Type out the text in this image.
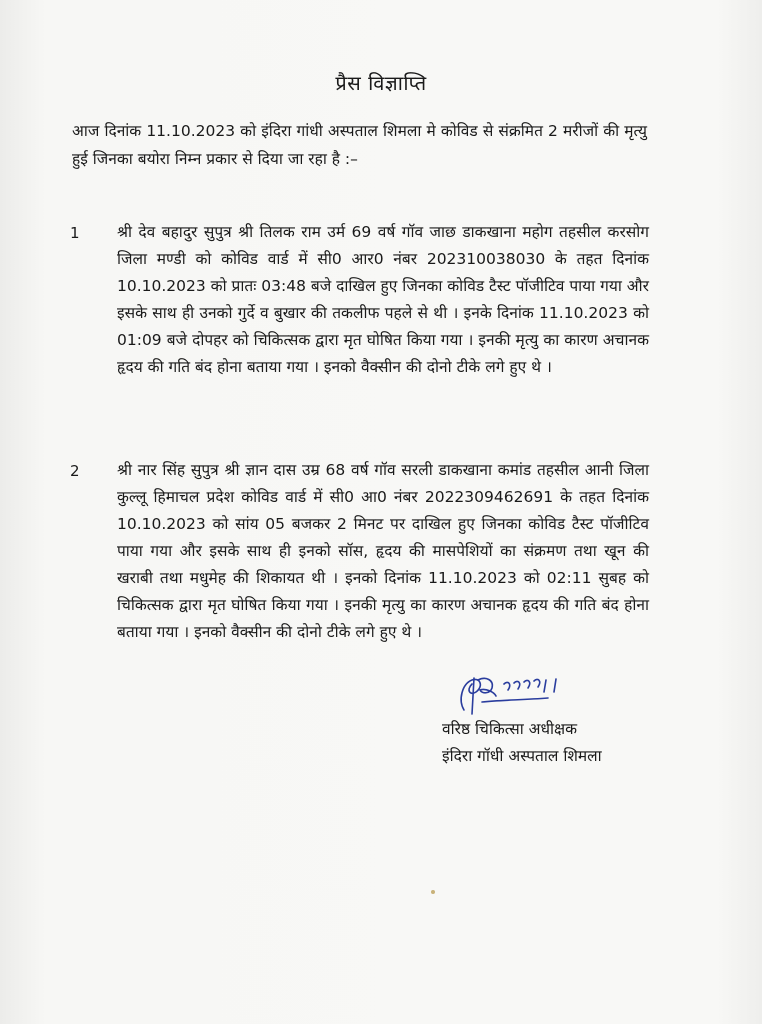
प्रैस विज्ञाप्ति
आज दिनांक 11.10.2023 को इंदिरा गांधी अस्पताल शिमला मे कोविड से संक्रमित 2 मरीजों की मृत्यु हुई जिनका बयोरा निम्न प्रकार से दिया जा रहा है :–
1 श्री देव बहादुर सुपुत्र श्री तिलक राम उर्म 69 वर्ष गॉव जाछ डाकखाना महोग तहसील करसोग जिला मण्डी को कोविड वार्ड में सी0 आर0 नंबर 202310038030 के तहत दिनांक 10.10.2023 को प्रातः 03:48 बजे दाखिल हुए जिनका कोविड टैस्ट पॉजीटिव पाया गया और इसके साथ ही उनको गुर्दे व बुखार की तकलीफ पहले से थी । इनके दिनांक 11.10.2023 को 01:09 बजे दोपहर को चिकित्सक द्वारा मृत घोषित किया गया । इनकी मृत्यु का कारण अचानक हृदय की गति बंद होना बताया गया । इनको वैक्सीन की दोनो टीके लगे हुए थे ।
2 श्री नार सिंह सुपुत्र श्री ज्ञान दास उम्र 68 वर्ष गॉव सरली डाकखाना कमांड तहसील आनी जिला कुल्लू हिमाचल प्रदेश कोविड वार्ड में सी0 आ0 नंबर 2022309462691 के तहत दिनांक 10.10.2023 को सांय 05 बजकर 2 मिनट पर दाखिल हुए जिनका कोविड टैस्ट पॉजीटिव पाया गया और इसके साथ ही इनको सॉस, हृदय की मासपेशियों का संक्रमण तथा खून की खराबी तथा मधुमेह की शिकायत थी । इनको दिनांक 11.10.2023 को 02:11 सुबह को चिकित्सक द्वारा मृत घोषित किया गया । इनकी मृत्यु का कारण अचानक हृदय की गति बंद होना बताया गया । इनको वैक्सीन की दोनो टीके लगे हुए थे ।
वरिष्ठ चिकित्सा अधीक्षक
इंदिरा गॉधी अस्पताल शिमला
